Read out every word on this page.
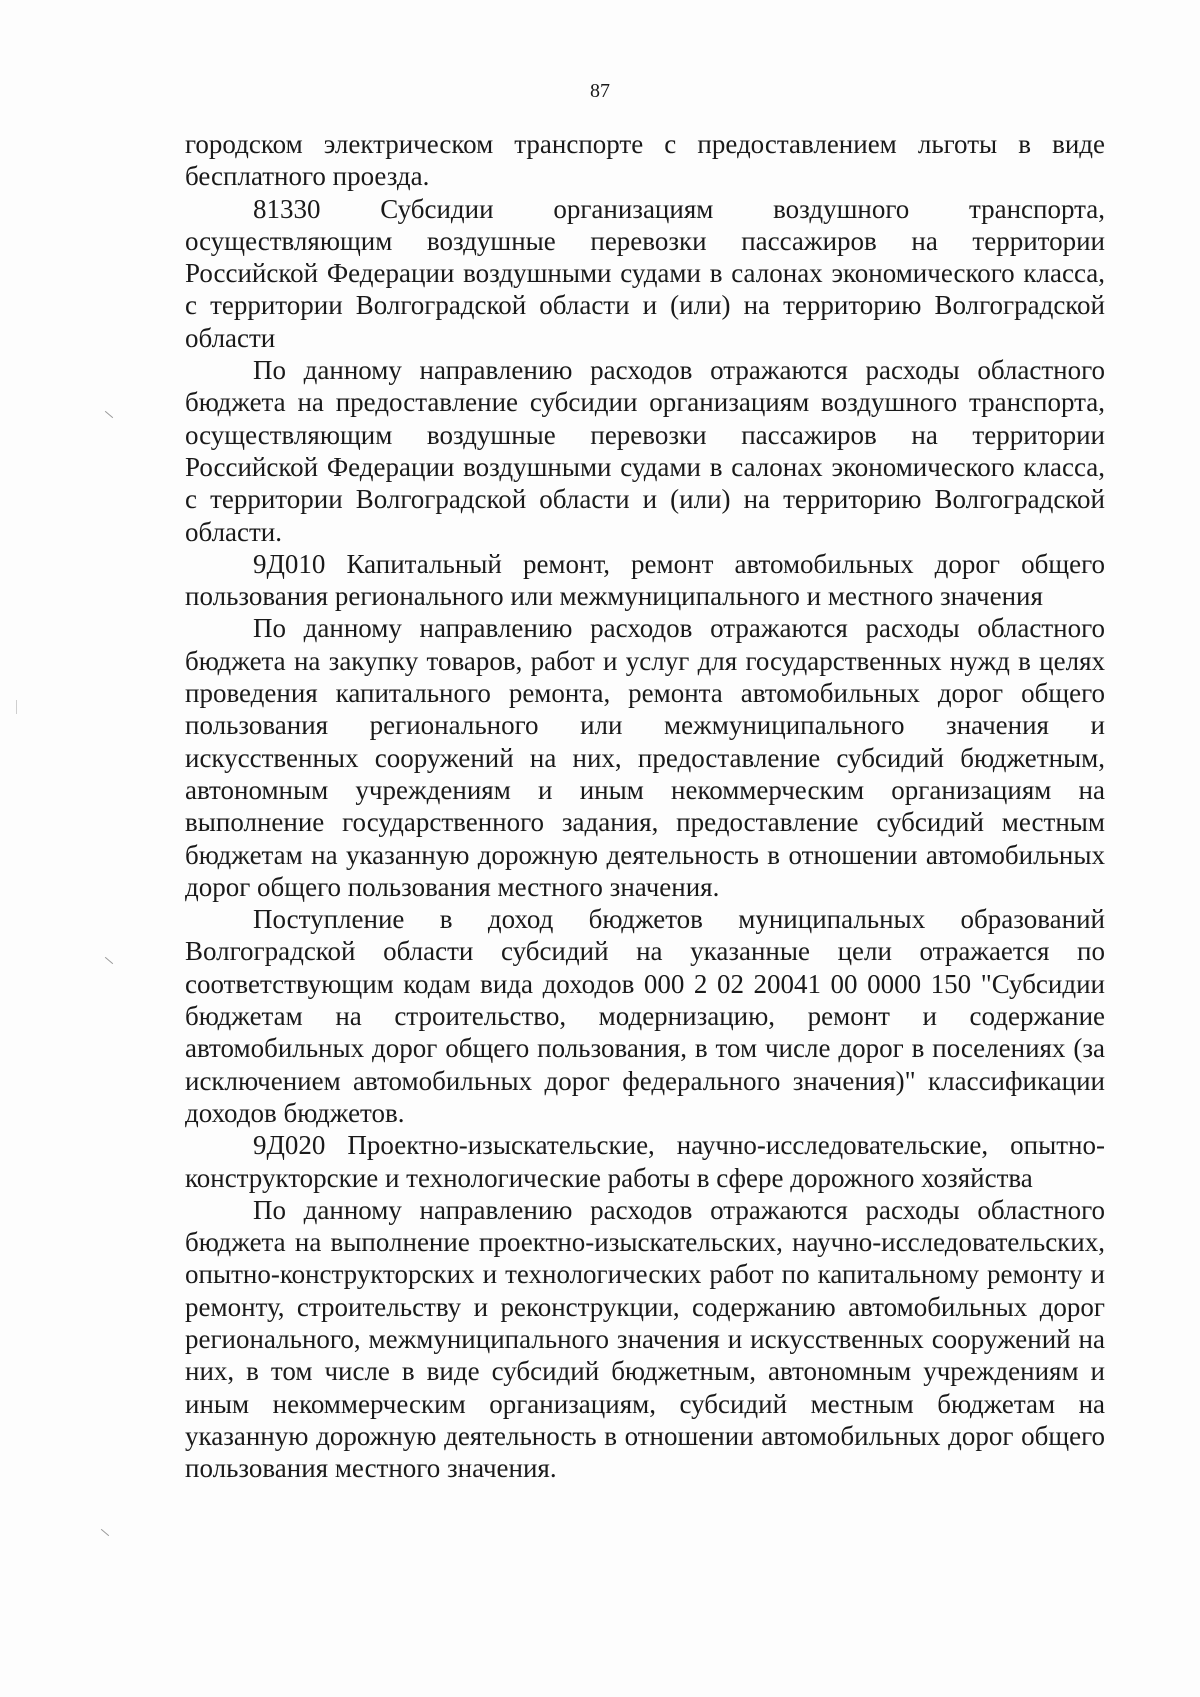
87

городском электрическом транспорте с предоставлением льготы в виде бесплатного проезда.

81330 Субсидии организациям воздушного транспорта, осуществляющим воздушные перевозки пассажиров на территории Российской Федерации воздушными судами в салонах экономического класса, с территории Волгоградской области и (или) на территорию Волгоградской области

По данному направлению расходов отражаются расходы областного бюджета на предоставление субсидии организациям воздушного транспорта, осуществляющим воздушные перевозки пассажиров на территории Российской Федерации воздушными судами в салонах экономического класса, с территории Волгоградской области и (или) на территорию Волгоградской области.

9Д010 Капитальный ремонт, ремонт автомобильных дорог общего пользования регионального или межмуниципального и местного значения

По данному направлению расходов отражаются расходы областного бюджета на закупку товаров, работ и услуг для государственных нужд в целях проведения капитального ремонта, ремонта автомобильных дорог общего пользования регионального или межмуниципального значения и искусственных сооружений на них, предоставление субсидий бюджетным, автономным учреждениям и иным некоммерческим организациям на выполнение государственного задания, предоставление субсидий местным бюджетам на указанную дорожную деятельность в отношении автомобильных дорог общего пользования местного значения.

Поступление в доход бюджетов муниципальных образований Волгоградской области субсидий на указанные цели отражается по соответствующим кодам вида доходов 000 2 02 20041 00 0000 150 "Субсидии бюджетам на строительство, модернизацию, ремонт и содержание автомобильных дорог общего пользования, в том числе дорог в поселениях (за исключением автомобильных дорог федерального значения)" классификации доходов бюджетов.

9Д020 Проектно-изыскательские, научно-исследовательские, опытно-конструкторские и технологические работы в сфере дорожного хозяйства

По данному направлению расходов отражаются расходы областного бюджета на выполнение проектно-изыскательских, научно-исследовательских, опытно-конструкторских и технологических работ по капитальному ремонту и ремонту, строительству и реконструкции, содержанию автомобильных дорог регионального, межмуниципального значения и искусственных сооружений на них, в том числе в виде субсидий бюджетным, автономным учреждениям и иным некоммерческим организациям, субсидий местным бюджетам на указанную дорожную деятельность в отношении автомобильных дорог общего пользования местного значения.
